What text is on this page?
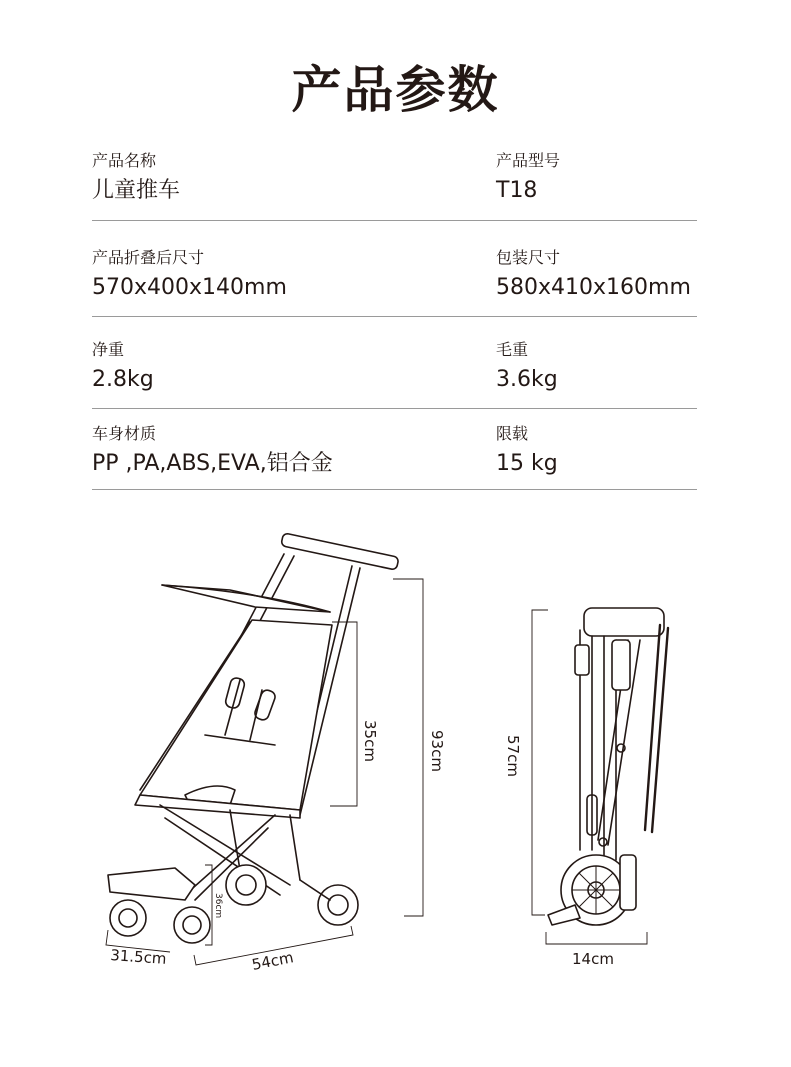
产品参数
产品名称
儿童推车
产品型号
T18
产品折叠后尺寸
570x400x140mm
包装尺寸
580x410x160mm
净重
2.8kg
毛重
3.6kg
车身材质
PP ,PA,ABS,EVA,铝合金
限载
15 kg
35cm	93cm
36cm
31.5cm	54cm
57cm
14cm
